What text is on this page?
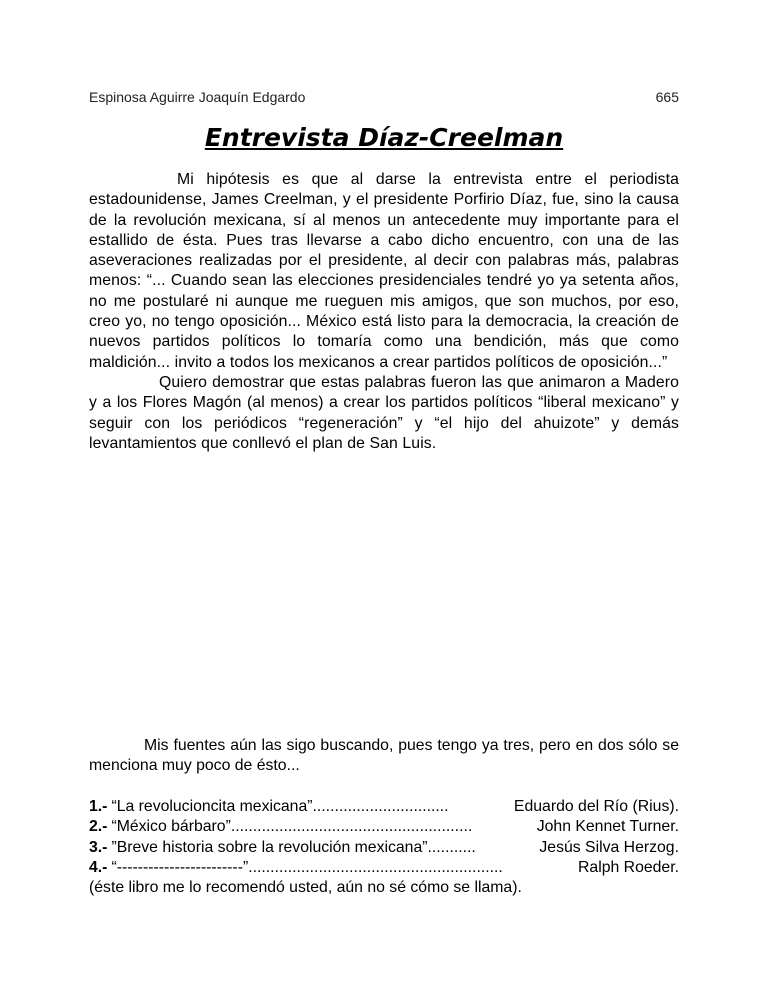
Espinosa Aguirre Joaquín Edgardo	665
Entrevista Díaz-Creelman

Mi hipótesis es que al darse la entrevista entre el periodista estadounidense, James Creelman, y el presidente Porfirio Díaz, fue, sino la causa de la revolución mexicana, sí al menos un antecedente muy importante para el estallido de ésta. Pues tras llevarse a cabo dicho encuentro, con una de las aseveraciones realizadas por el presidente, al decir con palabras más, palabras menos: “... Cuando sean las elecciones presidenciales tendré yo ya setenta años, no me postularé ni aunque me rueguen mis amigos, que son muchos, por eso, creo yo, no tengo oposición... México está listo para la democracia, la creación de nuevos partidos políticos lo tomaría como una bendición, más que como maldición... invito a todos los mexicanos a crear partidos políticos de oposición...”

Quiero demostrar que estas palabras fueron las que animaron a Madero y a los Flores Magón (al menos) a crear los partidos políticos “liberal mexicano” y seguir con los periódicos “regeneración” y “el hijo del ahuizote” y demás levantamientos que conllevó el plan de San Luis.

Mis fuentes aún las sigo buscando, pues tengo ya tres, pero en dos sólo se menciona muy poco de ésto...

1.- “La revolucioncita mexicana” ...............................	Eduardo del Río (Rius).
2.- “México bárbaro” .......................................................	John Kennet Turner.
3.- ”Breve historia sobre la revolución mexicana” ...........	Jesús Silva Herzog.
4.- “------------------------” ..........................................................	Ralph Roeder.
(éste libro me lo recomendó usted, aún no sé cómo se llama).
